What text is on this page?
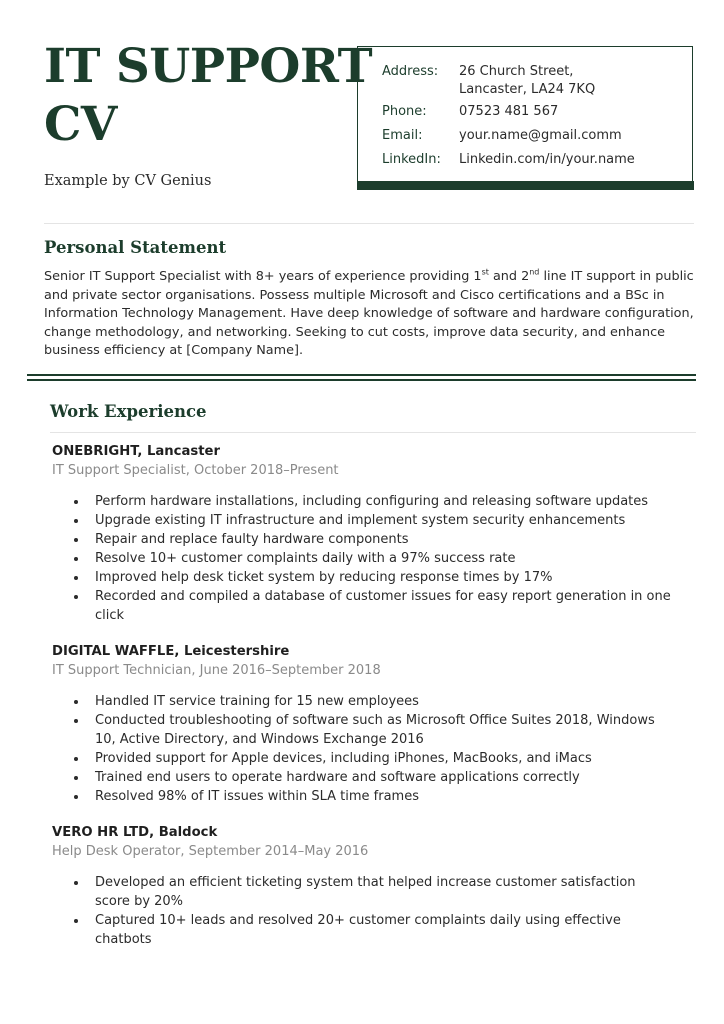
IT SUPPORT
CV
Example by CV Genius
Address: 26 Church Street,
Lancaster, LA24 7KQ
Phone: 07523 481 567
Email:	your.name@gmail.comm
LinkedIn: Linkedin.com/in/your.name
Personal Statement

Senior IT Support Specialist with 8+ years of experience providing 1st and 2nd line IT support in public and private sector organisations. Possess multiple Microsoft and Cisco certifications and a BSc in Information Technology Management. Have deep knowledge of software and hardware configuration, change methodology, and networking. Seeking to cut costs, improve data security, and enhance business efficiency at [Company Name].

Work Experience
ONEBRIGHT, Lancaster
IT Support Specialist, October 2018–Present
Perform hardware installations, including configuring and releasing software updates
Upgrade existing IT infrastructure and implement system security enhancements
Repair and replace faulty hardware components
Resolve 10+ customer complaints daily with a 97% success rate
Improved help desk ticket system by reducing response times by 17%
Recorded and compiled a database of customer issues for easy report generation in one click
DIGITAL WAFFLE, Leicestershire
IT Support Technician, June 2016–September 2018
Handled IT service training for 15 new employees
Conducted troubleshooting of software such as Microsoft Office Suites 2018, Windows 10, Active Directory, and Windows Exchange 2016
Provided support for Apple devices, including iPhones, MacBooks, and iMacs
Trained end users to operate hardware and software applications correctly
Resolved 98% of IT issues within SLA time frames
VERO HR LTD, Baldock
Help Desk Operator, September 2014–May 2016
Developed an efficient ticketing system that helped increase customer satisfaction score by 20%
Captured 10+ leads and resolved 20+ customer complaints daily using effective chatbots
